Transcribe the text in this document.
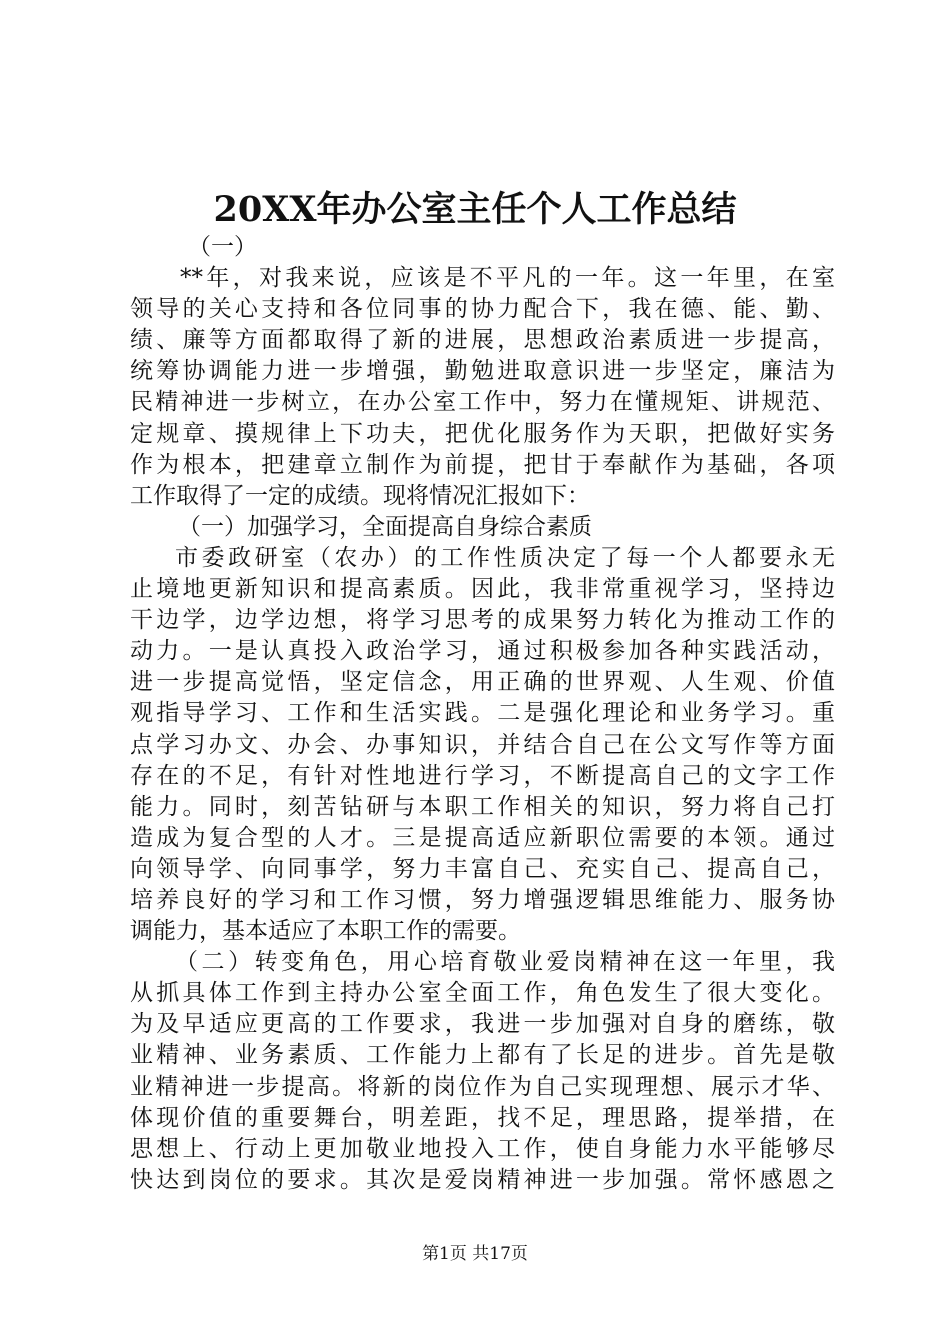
20XX年办公室主任个人工作总结
（一）
**年，对我来说，应该是不平凡的一年。这一年里，在室
领导的关心支持和各位同事的协力配合下，我在德、能、勤、
绩、廉等方面都取得了新的进展，思想政治素质进一步提高，
统筹协调能力进一步增强，勤勉进取意识进一步坚定，廉洁为
民精神进一步树立，在办公室工作中，努力在懂规矩、讲规范、
定规章、摸规律上下功夫，把优化服务作为天职，把做好实务
作为根本，把建章立制作为前提，把甘于奉献作为基础，各项
工作取得了一定的成绩。现将情况汇报如下：
（一）加强学习，全面提高自身综合素质
市委政研室（农办）的工作性质决定了每一个人都要永无
止境地更新知识和提高素质。因此，我非常重视学习，坚持边
干边学，边学边想，将学习思考的成果努力转化为推动工作的
动力。一是认真投入政治学习，通过积极参加各种实践活动，
进一步提高觉悟，坚定信念，用正确的世界观、人生观、价值
观指导学习、工作和生活实践。二是强化理论和业务学习。重
点学习办文、办会、办事知识，并结合自己在公文写作等方面
存在的不足，有针对性地进行学习，不断提高自己的文字工作
能力。同时，刻苦钻研与本职工作相关的知识，努力将自己打
造成为复合型的人才。三是提高适应新职位需要的本领。通过
向领导学、向同事学，努力丰富自己、充实自己、提高自己，
培养良好的学习和工作习惯，努力增强逻辑思维能力、服务协
调能力，基本适应了本职工作的需要。
（二）转变角色，用心培育敬业爱岗精神在这一年里，我
从抓具体工作到主持办公室全面工作，角色发生了很大变化。
为及早适应更高的工作要求，我进一步加强对自身的磨练，敬
业精神、业务素质、工作能力上都有了长足的进步。首先是敬
业精神进一步提高。将新的岗位作为自己实现理想、展示才华、
体现价值的重要舞台，明差距，找不足，理思路，提举措，在
思想上、行动上更加敬业地投入工作，使自身能力水平能够尽
快达到岗位的要求。其次是爱岗精神进一步加强。常怀感恩之
第1页 共17页
